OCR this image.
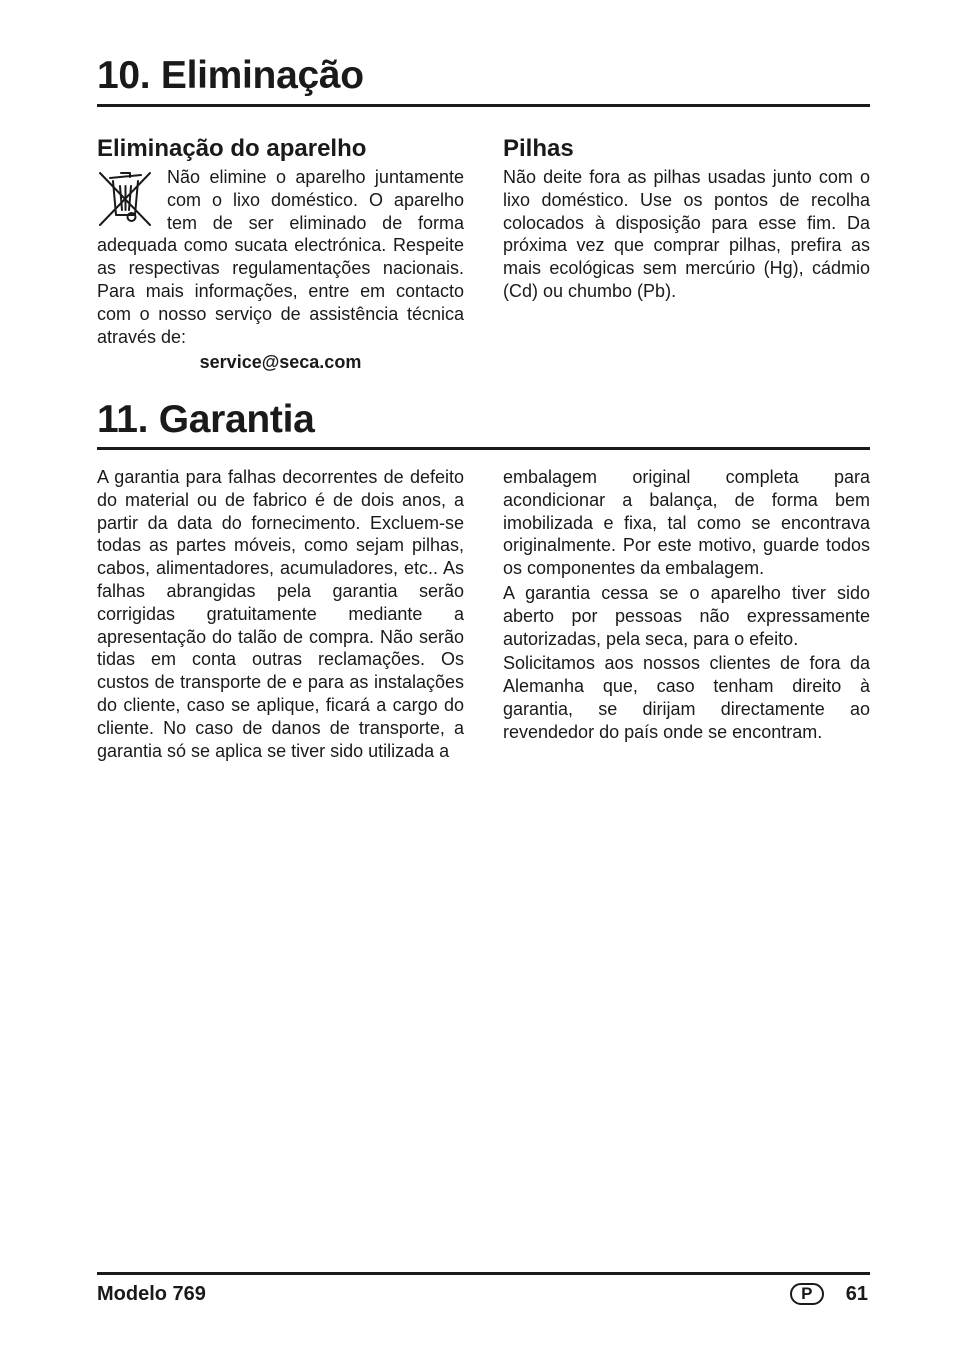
10. Eliminação
Eliminação do aparelho
Não elimine o aparelho juntamente com o lixo doméstico. O aparelho tem de ser eliminado de forma adequada como sucata electrónica. Respeite as respectivas regulamentações nacionais. Para mais informações, entre em contacto com o nosso serviço de assistência técnica através de:

service@seca.com

Pilhas

Não deite fora as pilhas usadas junto com o lixo doméstico. Use os pontos de recolha colocados à disposição para esse fim. Da próxima vez que comprar pilhas, prefira as mais ecológicas sem mercúrio (Hg), cádmio (Cd) ou chumbo (Pb).

11. Garantia

A garantia para falhas decorrentes de defeito do material ou de fabrico é de dois anos, a partir da data do fornecimento. Excluem-se todas as partes móveis, como sejam pilhas, cabos, alimentadores, acumuladores, etc.. As falhas abrangidas pela garantia serão corrigidas gratuitamente mediante a apresentação do talão de compra. Não serão tidas em conta outras reclamações. Os custos de transporte de e para as instalações do cliente, caso se aplique, ficará a cargo do cliente. No caso de danos de transporte, a garantia só se aplica se tiver sido utilizada a

embalagem original completa para acondicionar a balança, de forma bem imobilizada e fixa, tal como se encontrava originalmente. Por este motivo, guarde todos os componentes da embalagem.

A garantia cessa se o aparelho tiver sido aberto por pessoas não expressamente autorizadas, pela seca, para o efeito.

Solicitamos aos nossos clientes de fora da Alemanha que, caso tenham direito à garantia, se dirijam directamente ao revendedor do país onde se encontram.

Modelo 769	P	61
